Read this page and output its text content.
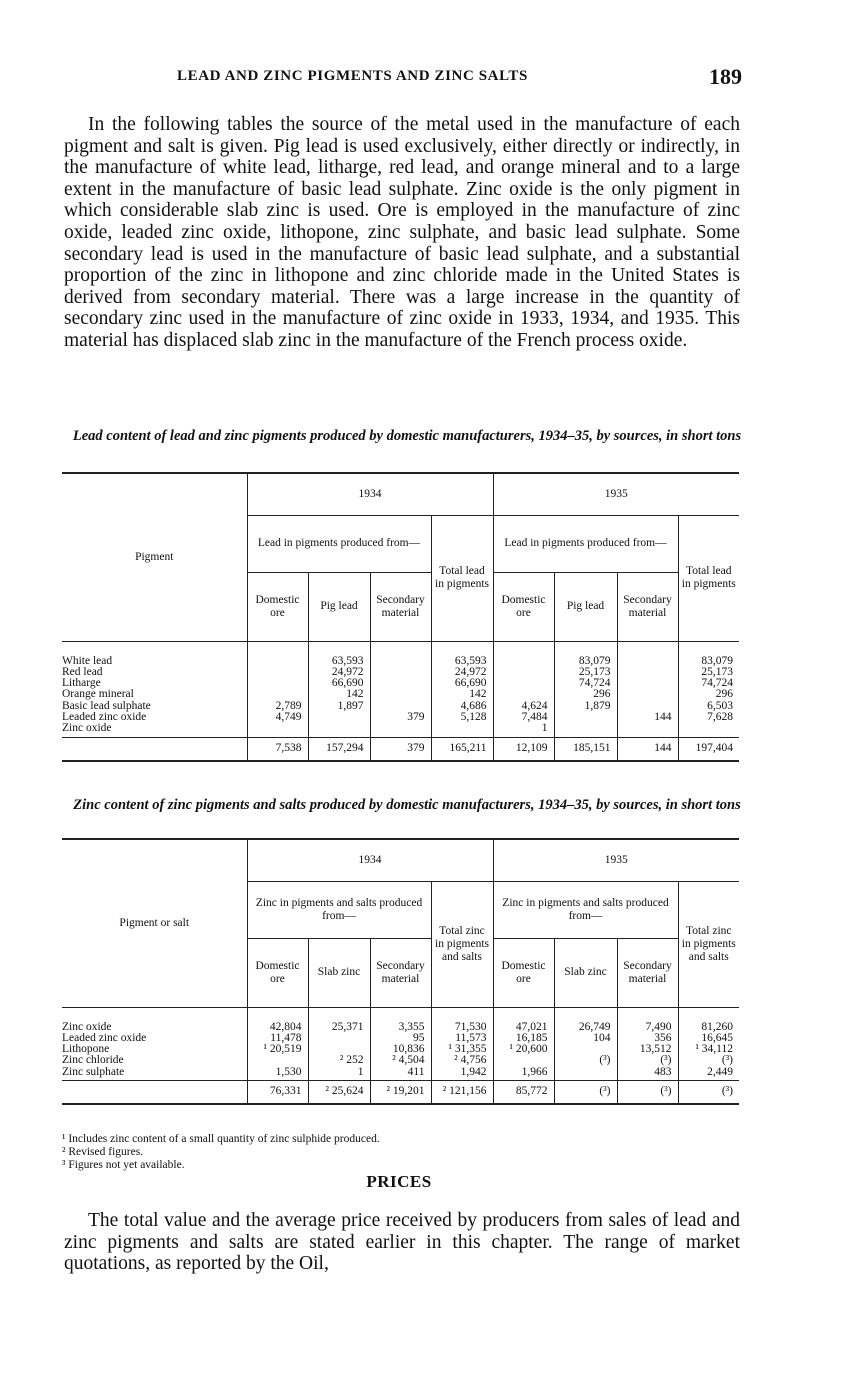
LEAD AND ZINC PIGMENTS AND ZINC SALTS	189

In the following tables the source of the metal used in the manufacture of each pigment and salt is given. Pig lead is used exclusively, either directly or indirectly, in the manufacture of white lead, litharge, red lead, and orange mineral and to a large extent in the manufacture of basic lead sulphate. Zinc oxide is the only pigment in which considerable slab zinc is used. Ore is employed in the manufacture of zinc oxide, leaded zinc oxide, lithopone, zinc sulphate, and basic lead sulphate. Some secondary lead is used in the manufacture of basic lead sulphate, and a substantial proportion of the zinc in lithopone and zinc chloride made in the United States is derived from secondary material. There was a large increase in the quantity of secondary zinc used in the manufacture of zinc oxide in 1933, 1934, and 1935. This material has displaced slab zinc in the manufacture of the French process oxide.

Lead content of lead and zinc pigments produced by domestic manufacturers, 1934–35, by sources, in short tons

Pigment	1934				1935			
	Lead in pigments produced from—			Total lead in pigments	Lead in pigments produced from—			Total lead in pigments
	Domestic ore	Pig lead	Secondary material		Domestic ore	Pig lead	Secondary material	
White lead		63,593		63,593		83,079		83,079
Red lead		24,972		24,972		25,173		25,173
Litharge		66,690		66,690		74,724		74,724
Orange mineral		142		142		296		296
Basic lead sulphate	2,789	1,897		4,686	4,624	1,879		6,503
Leaded zinc oxide	4,749		379	5,128	7,484		144	7,628
Zinc oxide					1			
	7,538	157,294	379	165,211	12,109	185,151	144	197,404

Zinc content of zinc pigments and salts produced by domestic manufacturers, 1934–35, by sources, in short tons

Pigment or salt	1934				1935			
	Zinc in pigments and salts produced from—			Total zinc in pigments and salts	Zinc in pigments and salts produced from—			Total zinc in pigments and salts
	Domestic ore	Slab zinc	Secondary material		Domestic ore	Slab zinc	Secondary material	
Zinc oxide	42,804	25,371	3,355	71,530	47,021	26,749	7,490	81,260
Leaded zinc oxide	11,478		95	11,573	16,185	104	356	16,645
Lithopone	¹ 20,519		10,836	¹ 31,355	¹ 20,600		13,512	¹ 34,112
Zinc chloride		² 252	² 4,504	² 4,756		(³)	(³)	(³)
Zinc sulphate	1,530	1	411	1,942	1,966		483	2,449
	76,331	² 25,624	² 19,201	² 121,156	85,772	(³)	(³)	(³)
¹ Includes zinc content of a small quantity of zinc sulphide produced.
² Revised figures.
³ Figures not yet available.
PRICES

The total value and the average price received by producers from sales of lead and zinc pigments and salts are stated earlier in this chapter. The range of market quotations, as reported by the Oil,
